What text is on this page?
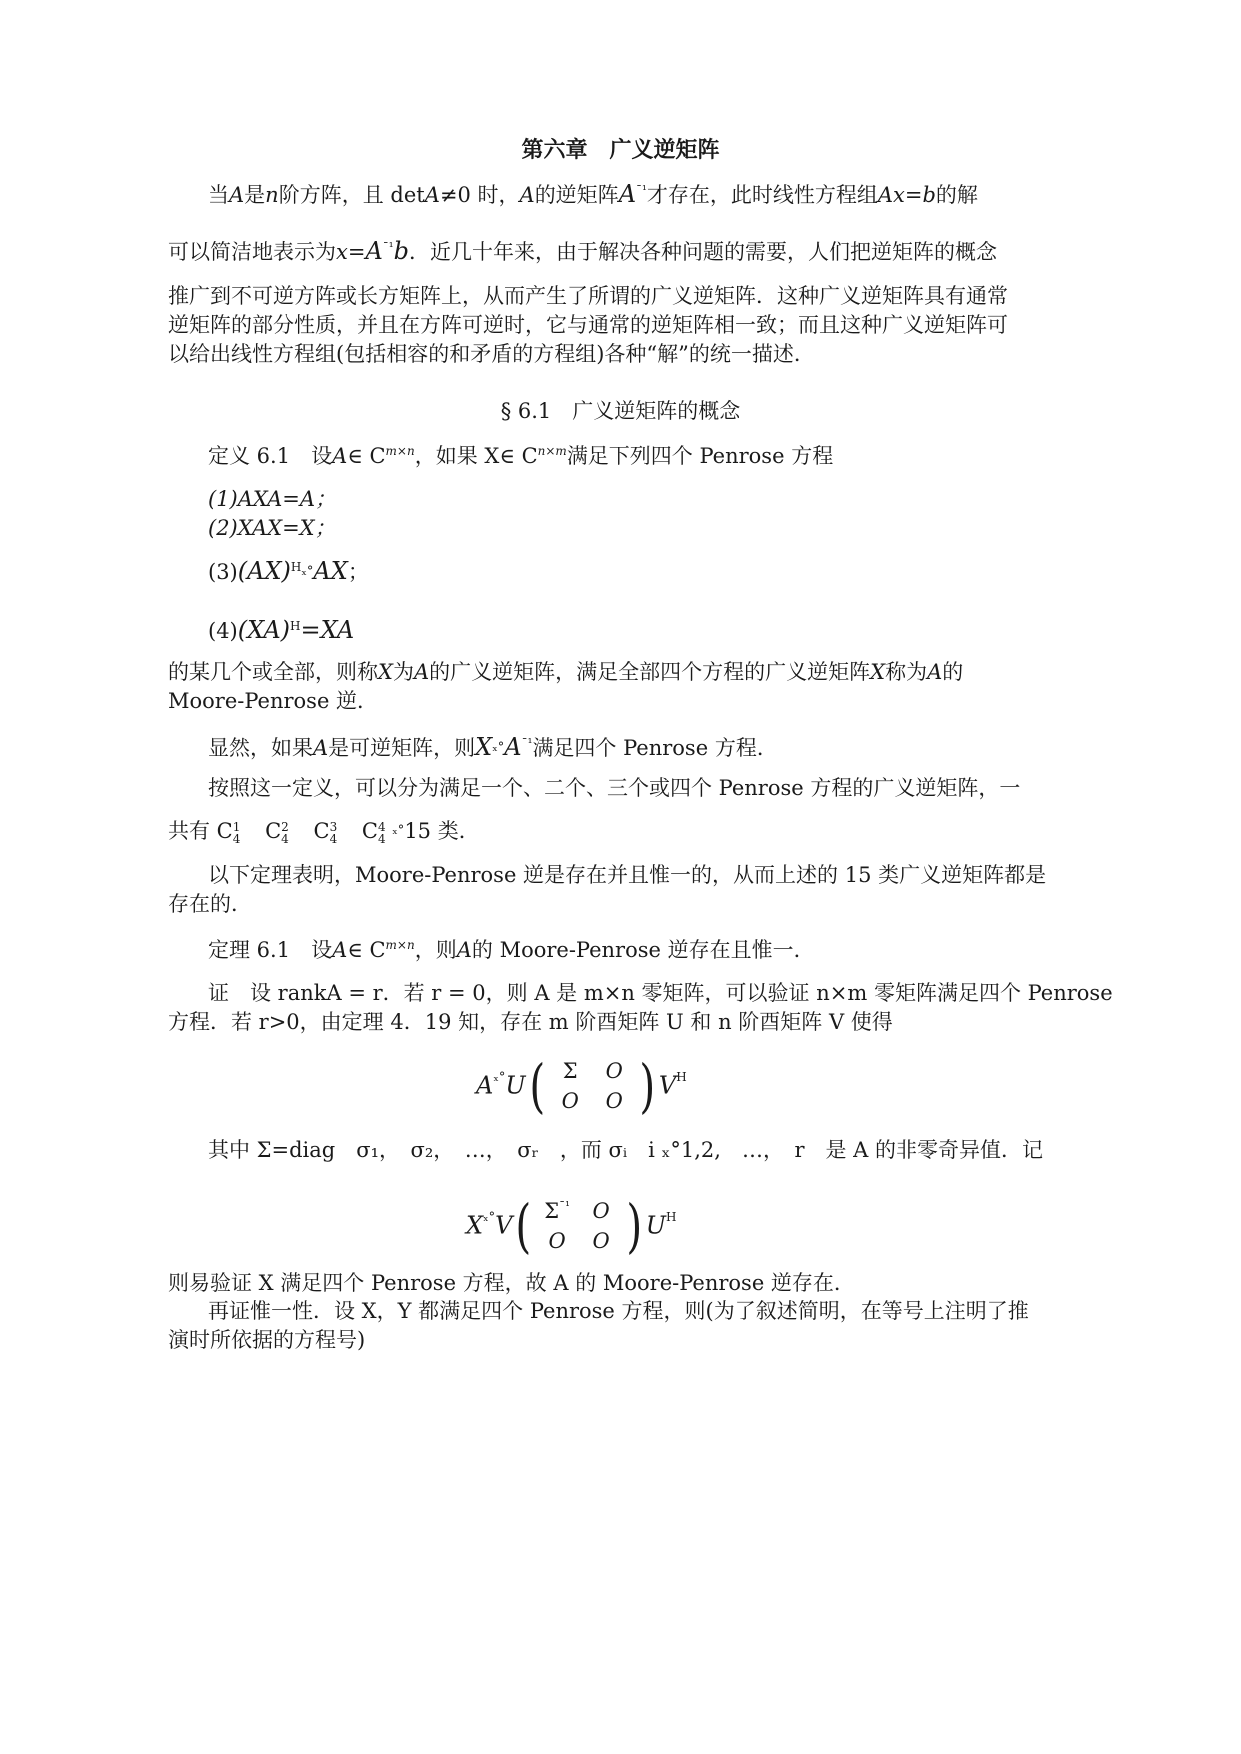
第六章　广义逆矩阵
当A是n阶方阵，且 detA≠0 时，A的逆矩阵$A^{¯^1}$才存在，此时线性方程组Ax=b的解
可以简洁地表示为$x=A^{¯^1}b$．近几十年来，由于解决各种问题的需要，人们把逆矩阵的概念
推广到不可逆方阵或长方矩阵上，从而产生了所谓的广义逆矩阵．这种广义逆矩阵具有通常
逆矩阵的部分性质，并且在方阵可逆时，它与通常的逆矩阵相一致；而且这种广义逆矩阵可
以给出线性方程组(包括相容的和矛盾的方程组)各种“解”的统一描述．
§ 6.1　广义逆矩阵的概念
定义 6.1　设A∈ $C^{m\times n}$，如果 X∈ $C^{n\times m}$满足下列四个 Penrose 方程
(1)AXA=A；
(2)XAX=X；
(3)(AX)$^H$ₓ°AX；
(4)(XA)$^H$=XA
的某几个或全部，则称X为A的广义逆矩阵，满足全部四个方程的广义逆矩阵X称为A的
Moore-Penrose 逆．
显然，如果A是可逆矩阵，则$X_x^\circ A^{¯^1}$满足四个 Penrose 方程．
按照这一定义，可以分为满足一个、二个、三个或四个 Penrose 方程的广义逆矩阵，一
共有 C 1
4 C 2
4 C 3
4 C 4
4
ₓ°15 类．
以下定理表明，Moore-Penrose 逆是存在并且惟一的，从而上述的 15 类广义逆矩阵都是
存在的．
定理 6.1　设A∈ $C^{m\times n}$，则A的 Moore-Penrose 逆存在且惟一．
证　设 rankA = r．若 r = 0，则 A 是 m×n 零矩阵，可以验证 n×m 零矩阵满足四个 Penrose
方程．若 r>0，由定理 4．19 知，存在 m 阶酉矩阵 U 和 n 阶酉矩阵 V 使得
$A^{_x^\circ}U$( Σ O
O O ) $V^H$
其中 Σ=diag　σ₁，　σ₂，　…，　σᵣ　，而 σᵢ　i ₓ°1,2,　…，　r　是 A 的非零奇异值．记
$X^{_x^\circ}V$( $\Sigma^{¯^1}$ O
O O ) $U^H$
则易验证 X 满足四个 Penrose 方程，故 A 的 Moore-Penrose 逆存在．
再证惟一性．设 X，Y 都满足四个 Penrose 方程，则(为了叙述简明，在等号上注明了推
演时所依据的方程号)
